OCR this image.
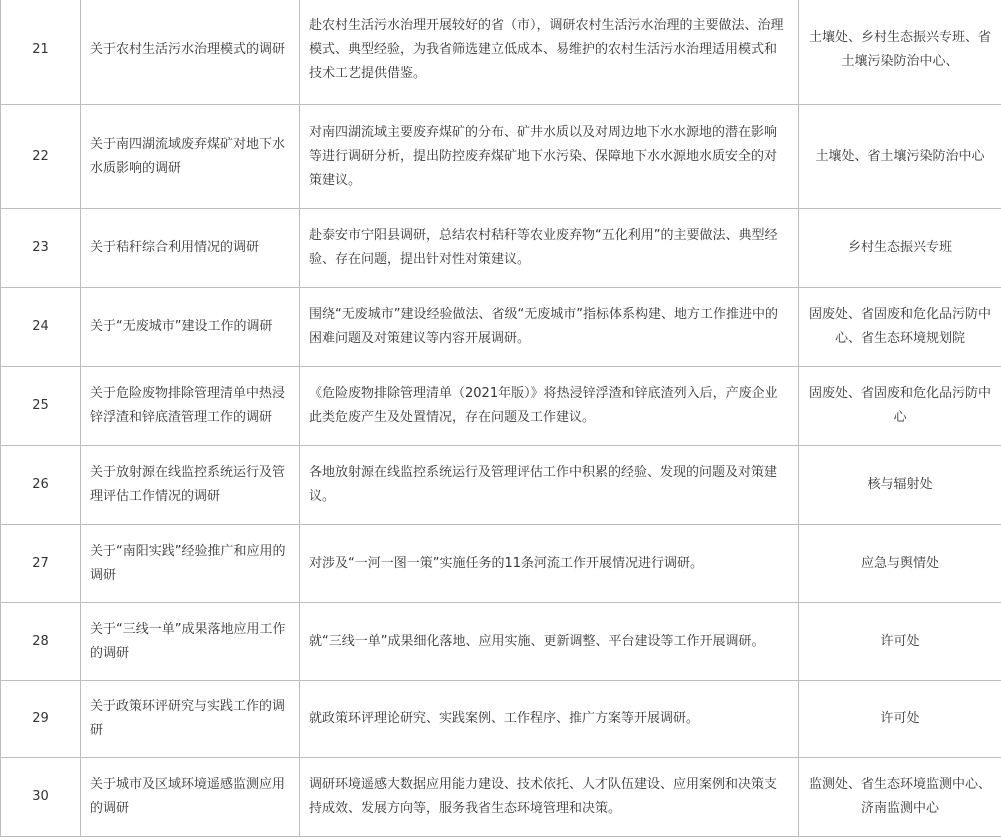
21	关于农村生活污水治理模式的调研	赴农村生活污水治理开展较好的省（市），调研农村生活污水治理的主要做法、治理模式、典型经验，为我省筛选建立低成本、易维护的农村生活污水治理适用模式和技术工艺提供借鉴。	土壤处、乡村生态振兴专班、省土壤污染防治中心、
22	关于南四湖流域废弃煤矿对地下水水质影响的调研	对南四湖流域主要废弃煤矿的分布、矿井水质以及对周边地下水水源地的潜在影响等进行调研分析，提出防控废弃煤矿地下水污染、保障地下水水源地水质安全的对策建议。	土壤处、省土壤污染防治中心
23	关于秸秆综合利用情况的调研	赴泰安市宁阳县调研，总结农村秸秆等农业废弃物“五化利用”的主要做法、典型经验、存在问题，提出针对性对策建议。	乡村生态振兴专班
24	关于“无废城市”建设工作的调研	围绕“无废城市”建设经验做法、省级“无废城市”指标体系构建、地方工作推进中的困难问题及对策建议等内容开展调研。	固废处、省固废和危化品污防中心、省生态环境规划院
25	关于危险废物排除管理清单中热浸锌浮渣和锌底渣管理工作的调研	《危险废物排除管理清单（2021年版）》将热浸锌浮渣和锌底渣列入后，产废企业此类危废产生及处置情况，存在问题及工作建议。	固废处、省固废和危化品污防中心
26	关于放射源在线监控系统运行及管理评估工作情况的调研	各地放射源在线监控系统运行及管理评估工作中积累的经验、发现的问题及对策建议。	核与辐射处
27	关于“南阳实践”经验推广和应用的调研	对涉及“一河一图一策”实施任务的11条河流工作开展情况进行调研。	应急与舆情处
28	关于“三线一单”成果落地应用工作的调研	就“三线一单”成果细化落地、应用实施、更新调整、平台建设等工作开展调研。	许可处
29	关于政策环评研究与实践工作的调研	就政策环评理论研究、实践案例、工作程序、推广方案等开展调研。	许可处
30	关于城市及区域环境遥感监测应用的调研	调研环境遥感大数据应用能力建设、技术依托、人才队伍建设、应用案例和决策支持成效、发展方向等，服务我省生态环境管理和决策。	监测处、省生态环境监测中心、济南监测中心
